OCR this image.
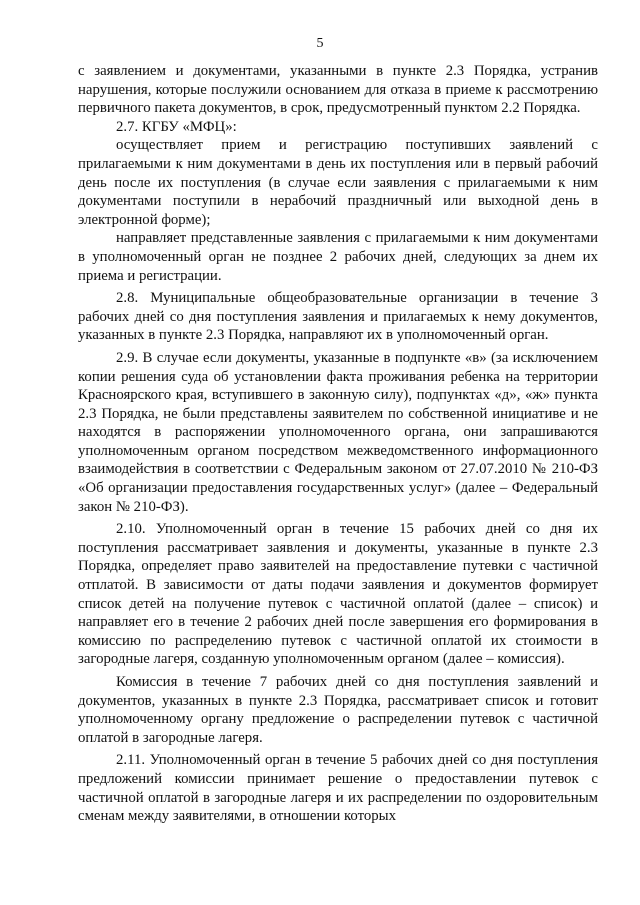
5

с заявлением и документами, указанными в пункте 2.3 Порядка, устранив нарушения, которые послужили основанием для отказа в приеме к рассмотрению первичного пакета документов, в срок, предусмотренный пунктом 2.2 Порядка.

2.7. КГБУ «МФЦ»:

осуществляет прием и регистрацию поступивших заявлений с прилагаемыми к ним документами в день их поступления или в первый рабочий день после их поступления (в случае если заявления с прилагаемыми к ним документами поступили в нерабочий праздничный или выходной день в электронной форме);

направляет представленные заявления с прилагаемыми к ним документами в уполномоченный орган не позднее 2 рабочих дней, следующих за днем их приема и регистрации.

2.8. Муниципальные общеобразовательные организации в течение 3 рабочих дней со дня поступления заявления и прилагаемых к нему документов, указанных в пункте 2.3 Порядка, направляют их в уполномоченный орган.

2.9. В случае если документы, указанные в подпункте «в» (за исключением копии решения суда об установлении факта проживания ребенка на территории Красноярского края, вступившего в законную силу), подпунктах «д», «ж» пункта 2.3 Порядка, не были представлены заявителем по собственной инициативе и не находятся в распоряжении уполномоченного органа, они запрашиваются уполномоченным органом посредством межведомственного информационного взаимодействия в соответствии с Федеральным законом от 27.07.2010 № 210-ФЗ «Об организации предоставления государственных услуг» (далее – Федеральный закон № 210-ФЗ).

2.10. Уполномоченный орган в течение 15 рабочих дней со дня их поступления рассматривает заявления и документы, указанные в пункте 2.3 Порядка, определяет право заявителей на предоставление путевки с частичной отплатой. В зависимости от даты подачи заявления и документов формирует список детей на получение путевок с частичной оплатой (далее – список) и направляет его в течение 2 рабочих дней после завершения его формирования в комиссию по распределению путевок с частичной оплатой их стоимости в загородные лагеря, созданную уполномоченным органом (далее – комиссия).

Комиссия в течение 7 рабочих дней со дня поступления заявлений и документов, указанных в пункте 2.3 Порядка, рассматривает список и готовит уполномоченному органу предложение о распределении путевок с частичной оплатой в загородные лагеря.

2.11. Уполномоченный орган в течение 5 рабочих дней со дня поступления предложений комиссии принимает решение о предоставлении путевок с частичной оплатой в загородные лагеря и их распределении по оздоровительным сменам между заявителями, в отношении которых
